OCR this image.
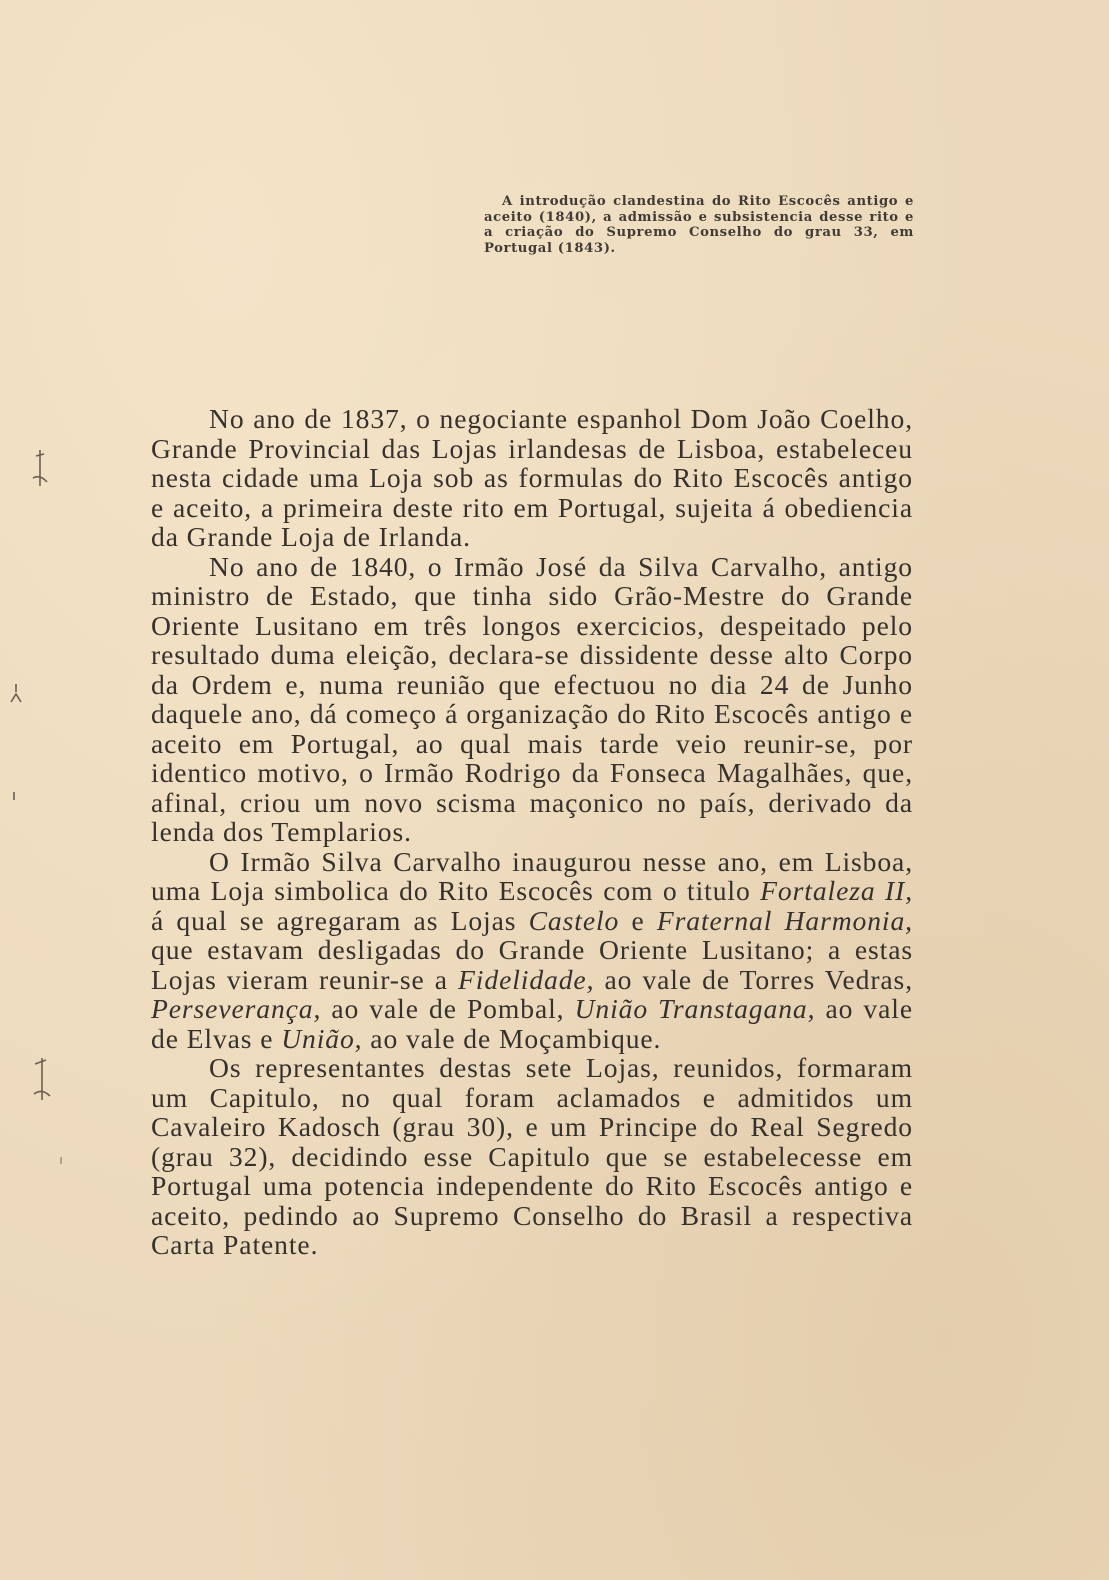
A introdução clandestina do Rito Escocês antigo e aceito (1840), a admissão e subsistencia desse rito e a criação do Supremo Conselho do grau 33, em Portugal (1843).

No ano de 1837, o negociante espanhol Dom João Coelho, Grande Provincial das Lojas irlandesas de Lisboa, estabeleceu nesta cidade uma Loja sob as formulas do Rito Escocês antigo e aceito, a primeira deste rito em Portugal, sujeita á obediencia da Grande Loja de Irlanda.

No ano de 1840, o Irmão José da Silva Carvalho, antigo ministro de Estado, que tinha sido Grão-Mestre do Grande Oriente Lusitano em três longos exercicios, despeitado pelo resultado duma eleição, declara-se dissidente desse alto Corpo da Ordem e, numa reunião que efectuou no dia 24 de Junho daquele ano, dá começo á organização do Rito Escocês antigo e aceito em Portugal, ao qual mais tarde veio reunir-se, por identico motivo, o Irmão Rodrigo da Fonseca Magalhães, que, afinal, criou um novo scisma maçonico no país, derivado da lenda dos Templarios.

O Irmão Silva Carvalho inaugurou nesse ano, em Lisboa, uma Loja simbolica do Rito Escocês com o titulo Fortaleza II, á qual se agregaram as Lojas Castelo e Fraternal Harmonia, que estavam desligadas do Grande Oriente Lusitano; a estas Lojas vieram reunir-se a Fidelidade, ao vale de Torres Vedras, Perseverança, ao vale de Pombal, União Transtagana, ao vale de Elvas e União, ao vale de Moçambique.

Os representantes destas sete Lojas, reunidos, formaram um Capitulo, no qual foram aclamados e admitidos um Cavaleiro Kadosch (grau 30), e um Principe do Real Segredo (grau 32), decidindo esse Capitulo que se estabelecesse em Portugal uma potencia independente do Rito Escocês antigo e aceito, pedindo ao Supremo Conselho do Brasil a respectiva Carta Patente.
